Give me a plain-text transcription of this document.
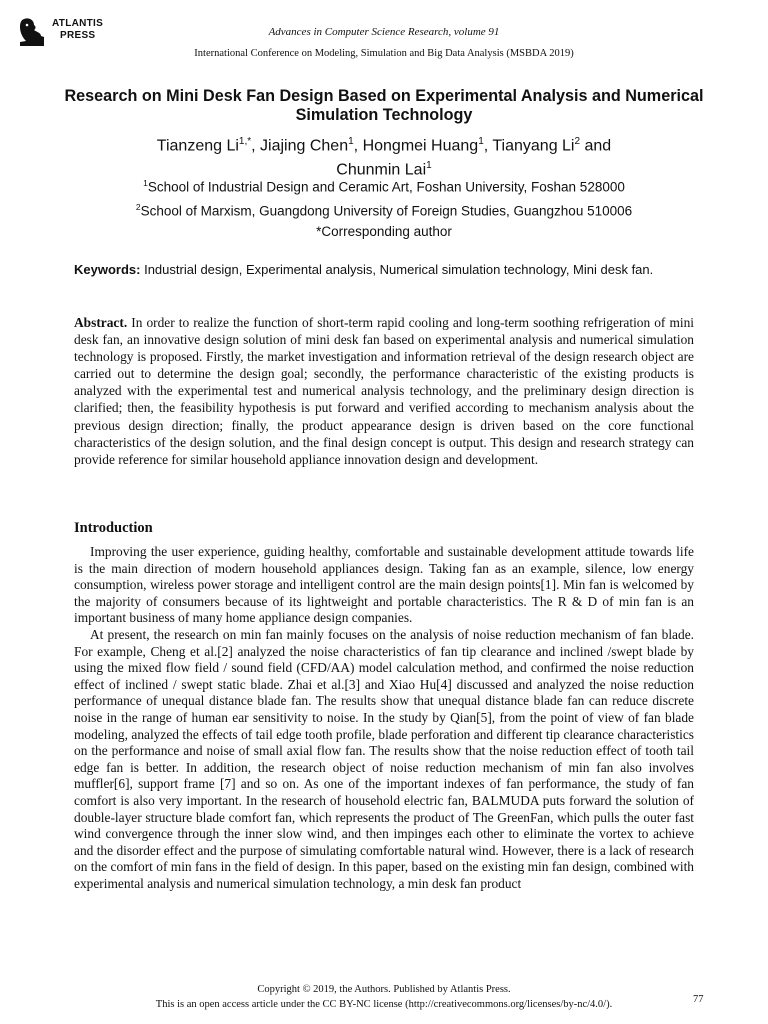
ATLANTIS
PRESS	Advances in Computer Science Research, volume 91
International Conference on Modeling, Simulation and Big Data Analysis (MSBDA 2019)
Research on Mini Desk Fan Design Based on Experimental Analysis and Numerical Simulation Technology
Tianzeng $Li^{1,*}$, Jiajing Chen$^1$, Hongmei Huang$^1$, Tianyang Li$^2$ and
Chunmin Lai$^1$
$^1$School of Industrial Design and Ceramic Art, Foshan University, Foshan 528000
$^2$School of Marxism, Guangdong University of Foreign Studies, Guangzhou 510006
*Corresponding author
Keywords: Industrial design, Experimental analysis, Numerical simulation technology, Mini desk fan.
Abstract. In order to realize the function of short-term rapid cooling and long-term soothing refrigeration of mini desk fan, an innovative design solution of mini desk fan based on experimental analysis and numerical simulation technology is proposed. Firstly, the market investigation and information retrieval of the design research object are carried out to determine the design goal; secondly, the performance characteristic of the existing products is analyzed with the experimental test and numerical analysis technology, and the preliminary design direction is clarified; then, the feasibility hypothesis is put forward and verified according to mechanism analysis about the previous design direction; finally, the product appearance design is driven based on the core functional characteristics of the design solution, and the final design concept is output. This design and research strategy can provide reference for similar household appliance innovation design and development.
Introduction

Improving the user experience, guiding healthy, comfortable and sustainable development attitude towards life is the main direction of modern household appliances design. Taking fan as an example, silence, low energy consumption, wireless power storage and intelligent control are the main design points[1]. Min fan is welcomed by the majority of consumers because of its lightweight and portable characteristics. The R & D of min fan is an important business of many home appliance design companies.

At present, the research on min fan mainly focuses on the analysis of noise reduction mechanism of fan blade. For example, Cheng et al.[2] analyzed the noise characteristics of fan tip clearance and inclined /swept blade by using the mixed flow field / sound field (CFD/AA) model calculation method, and confirmed the noise reduction effect of inclined / swept static blade. Zhai et al.[3] and Xiao Hu[4] discussed and analyzed the noise reduction performance of unequal distance blade fan. The results show that unequal distance blade fan can reduce discrete noise in the range of human ear sensitivity to noise. In the study by Qian[5], from the point of view of fan blade modeling, analyzed the effects of tail edge tooth profile, blade perforation and different tip clearance characteristics on the performance and noise of small axial flow fan. The results show that the noise reduction effect of tooth tail edge fan is better. In addition, the research object of noise reduction mechanism of min fan also involves muffler[6], support frame [7] and so on. As one of the important indexes of fan performance, the study of fan comfort is also very important. In the research of household electric fan, BALMUDA puts forward the solution of double-layer structure blade comfort fan, which represents the product of The GreenFan, which pulls the outer fast wind convergence through the inner slow wind, and then impinges each other to eliminate the vortex to achieve and the disorder effect and the purpose of simulating comfortable natural wind. However, there is a lack of research on the comfort of min fans in the field of design. In this paper, based on the existing min fan design, combined with experimental analysis and numerical simulation technology, a min desk fan product

Copyright © 2019, the Authors. Published by Atlantis Press.
This is an open access article under the CC BY-NC license (http://creativecommons.org/licenses/by-nc/4.0/).	77
